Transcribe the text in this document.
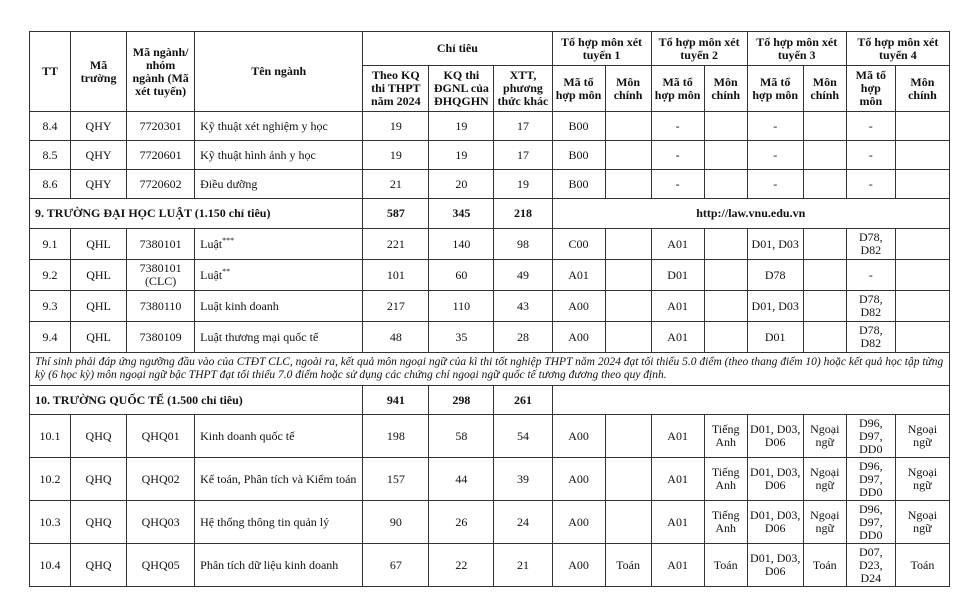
TT	Mã trường	Mã ngành/ nhóm ngành (Mã xét tuyển)	Tên ngành	Chỉ tiêu			Tổ hợp môn xét tuyển 1		Tổ hợp môn xét tuyển 2		Tổ hợp môn xét tuyển 3		Tổ hợp môn xét tuyển 4	
				Theo KQ thi THPT năm 2024	KQ thi ĐGNL của ĐHQGHN	XTT, phương thức khác	Mã tổ hợp môn	Môn chính	Mã tổ hợp môn	Môn chính	Mã tổ hợp môn	Môn chính	Mã tổ hợp môn	Môn chính
8.4	QHY	7720301	Kỹ thuật xét nghiệm y học	19	19	17	B00		-		-		-	
8.5	QHY	7720601	Kỹ thuật hình ảnh y học	19	19	17	B00		-		-		-	
8.6	QHY	7720602	Điều dưỡng	21	20	19	B00		-		-		-	
9. TRƯỜNG ĐẠI HỌC LUẬT (1.150 chỉ tiêu)				587	345	218	http://law.vnu.edu.vn							
9.1	QHL	7380101	Luật***	221	140	98	C00		A01		D01, D03		D78, D82	
9.2	QHL	7380101 (CLC)	Luật**	101	60	49	A01		D01		D78		-	
9.3	QHL	7380110	Luật kinh doanh	217	110	43	A00		A01		D01, D03		D78, D82	
9.4	QHL	7380109	Luật thương mại quốc tế	48	35	28	A00		A01		D01		D78, D82	
Thí sinh phải đáp ứng ngưỡng đầu vào của CTĐT CLC, ngoài ra, kết quả môn ngoại ngữ của kì thi tốt nghiệp THPT năm 2024 đạt tối thiểu 5.0 điểm (theo thang điểm 10) hoặc kết quả học tập từng kỳ (6 học kỳ) môn ngoại ngữ bậc THPT đạt tối thiểu 7.0 điểm hoặc sử dụng các chứng chỉ ngoại ngữ quốc tế tương đương theo quy định.														
10. TRƯỜNG QUỐC TẾ (1.500 chỉ tiêu)				941	298	261								
10.1	QHQ	QHQ01	Kinh doanh quốc tế	198	58	54	A00		A01	Tiếng Anh	D01, D03, D06	Ngoại ngữ	D96, D97, DD0	Ngoại ngữ
10.2	QHQ	QHQ02	Kế toán, Phân tích và Kiểm toán	157	44	39	A00		A01	Tiếng Anh	D01, D03, D06	Ngoại ngữ	D96, D97, DD0	Ngoại ngữ
10.3	QHQ	QHQ03	Hệ thống thông tin quản lý	90	26	24	A00		A01	Tiếng Anh	D01, D03, D06	Ngoại ngữ	D96, D97, DD0	Ngoại ngữ
10.4	QHQ	QHQ05	Phân tích dữ liệu kinh doanh	67	22	21	A00	Toán	A01	Toán	D01, D03, D06	Toán	D07, D23, D24	Toán
